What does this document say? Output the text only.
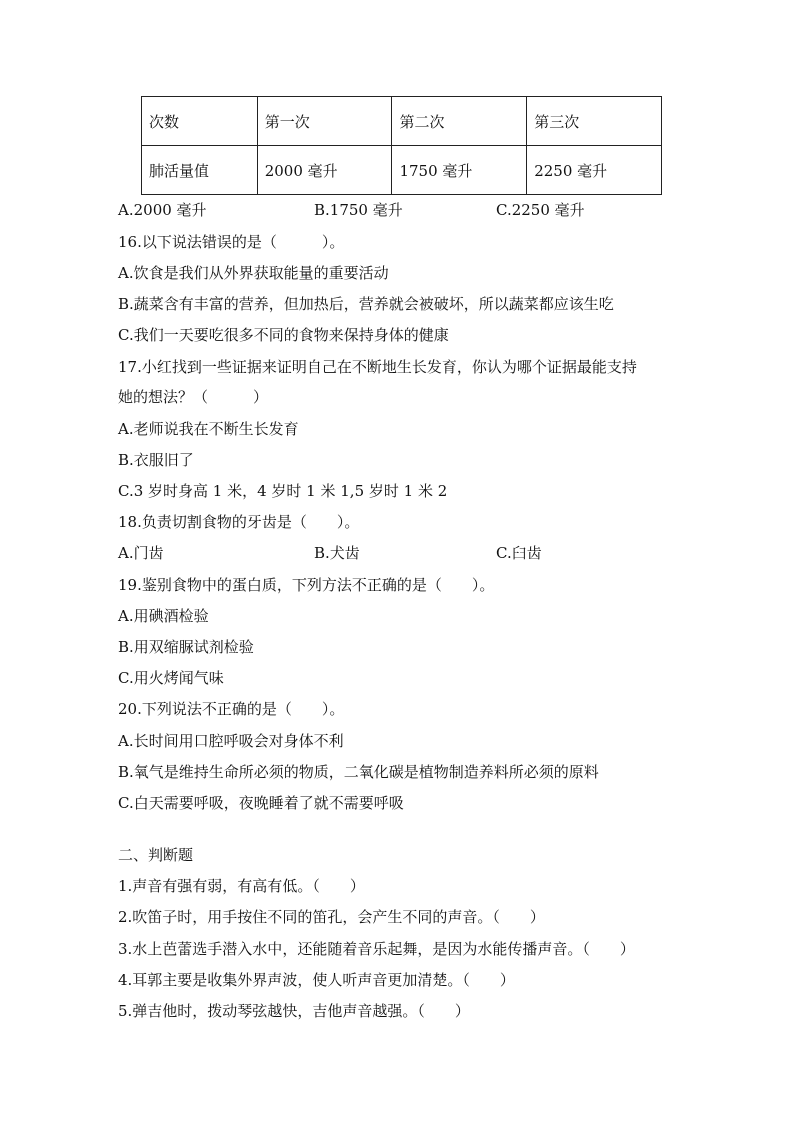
次数	第一次	第二次	第三次
肺活量值	2000 毫升	1750 毫升	2250 毫升
A.2000 毫升	B.1750 毫升	C.2250 毫升
16.以下说法错误的是（　　　）。
A.饮食是我们从外界获取能量的重要活动
B.蔬菜含有丰富的营养，但加热后，营养就会被破坏，所以蔬菜都应该生吃
C.我们一天要吃很多不同的食物来保持身体的健康
17.小红找到一些证据来证明自己在不断地生长发育，你认为哪个证据最能支持
她的想法？（　　　）
A.老师说我在不断生长发育
B.衣服旧了
C.3 岁时身高 1 米，4 岁时 1 米 1,5 岁时 1 米 2
18.负责切割食物的牙齿是（　　）。
A.门齿	B.犬齿	C.臼齿
19.鉴别食物中的蛋白质，下列方法不正确的是（　　）。
A.用碘酒检验
B.用双缩脲试剂检验
C.用火烤闻气味
20.下列说法不正确的是（　　）。
A.长时间用口腔呼吸会对身体不利
B.氧气是维持生命所必须的物质，二氧化碳是植物制造养料所必须的原料
C.白天需要呼吸，夜晚睡着了就不需要呼吸
二、判断题
1.声音有强有弱，有高有低。（　　）
2.吹笛子时，用手按住不同的笛孔，会产生不同的声音。（　　）
3.水上芭蕾选手潜入水中，还能随着音乐起舞，是因为水能传播声音。（　　）
4.耳郭主要是收集外界声波，使人听声音更加清楚。（　　）
5.弹吉他时，拨动琴弦越快，吉他声音越强。（　　）
